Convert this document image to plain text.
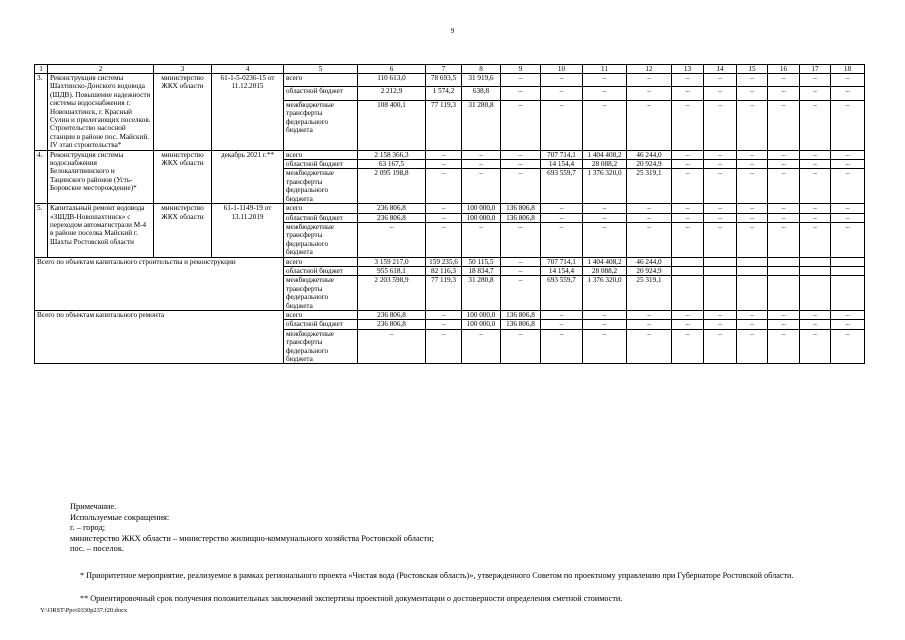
9
1	2	3	4	5	6	7	8	9	10	11	12	13	14	15	16	17	18
3.	Реконструкция системы Шахтинско-Донского водовода (ШДВ). Повышение надежности системы водоснабжения г. Новошахтинск, г. Красный Сулин и прилегающих поселков. Строительство насосной станции в районе пос. Майский. IV этап строительства*	министерство ЖКХ области	61-1-5-0236-15 от 11.12.2015	всего	110 613,0	78 693,5	31 919,6	–	–	–	–	–	–	–	–	–	–
				областной бюджет	2 212,9	1 574,2	638,8	–	–	–	–	–	–	–	–	–	–
				межбюджетные трансферты федерального бюджета	108 400,1	77 119,3	31 280,8	–	–	–	–	–	–	–	–	–	–
4.	Реконструкция системы водоснабжения Белокалитвинского и Тацинского районов (Усть-Боровское месторождение)*	министерство ЖКХ области	декабрь 2021 г.**	всего	2 158 366,3	–	–	–	707 714,1	1 404 408,2	46 244,0	–	–	–	–	–	–
				областной бюджет	63 167,5	–	–	–	14 154,4	28 088,2	20 924,9	–	–	–	–	–	–
				межбюджетные трансферты федерального бюджета	2 095 198,8	–	–	–	693 559,7	1 376 320,0	25 319,1	–	–	–	–	–	–
5.	Капитальный ремонт водовода «ЗШДВ-Новошахтинск» с переходом автомагистрали М-4 в районе поселка Майский г. Шахты Ростовской области	министерство ЖКХ области	61-1-1149-19 от 13.11.2019	всего	236 806,8	–	100 000,0	136 806,8	–	–	–	–	–	–	–	–	–
				областной бюджет	236 806,8	–	100 000,0	136 806,8	–	–	–	–	–	–	–	–	–
				межбюджетные трансферты федерального бюджета	–	–	–	–	–	–	–	–	–	–	–	–	–
Всего по объектам капитального строительства и реконструкции				всего	3 159 217,0	159 235,6	50 115,5	–	707 714,1	1 404 408,2	46 244,0						
				областной бюджет	955 618,1	82 116,3	18 834,7	–	14 154,4	28 088,2	20 924,9						
				межбюджетные трансферты федерального бюджета	2 203 598,9	77 119,3	31 280,8	–	693 559,7	1 376 320,0	25 319,1						
Всего по объектам капитального ремонта				всего	236 806,8	–	100 000,0	136 806,8	–	–	–	–	–	–	–	–	–
				областной бюджет	236 806,8	–	100 000,0	136 806,8	–	–	–	–	–	–	–	–	–
				межбюджетные трансферты федерального бюджета	–	–	–	–	–	–	–	–	–	–	–	–	–
Примечание.
Используемые сокращения:
г. – город;
министерство ЖКХ области – министерство жилищно-коммунального хозяйства Ростовской области;
пос. – поселок.
* Приоритетное мероприятие, реализуемое в рамках регионального проекта «Чистая вода (Ростовская область)», утвержденного Советом по проектному управлению при Губернаторе Ростовской области.
** Ориентировочный срок получения положительных заключений экспертизы проектной документации о достоверности определения сметной стоимости.
Y:\ORST\Ppo\0330p237.f20.docx
